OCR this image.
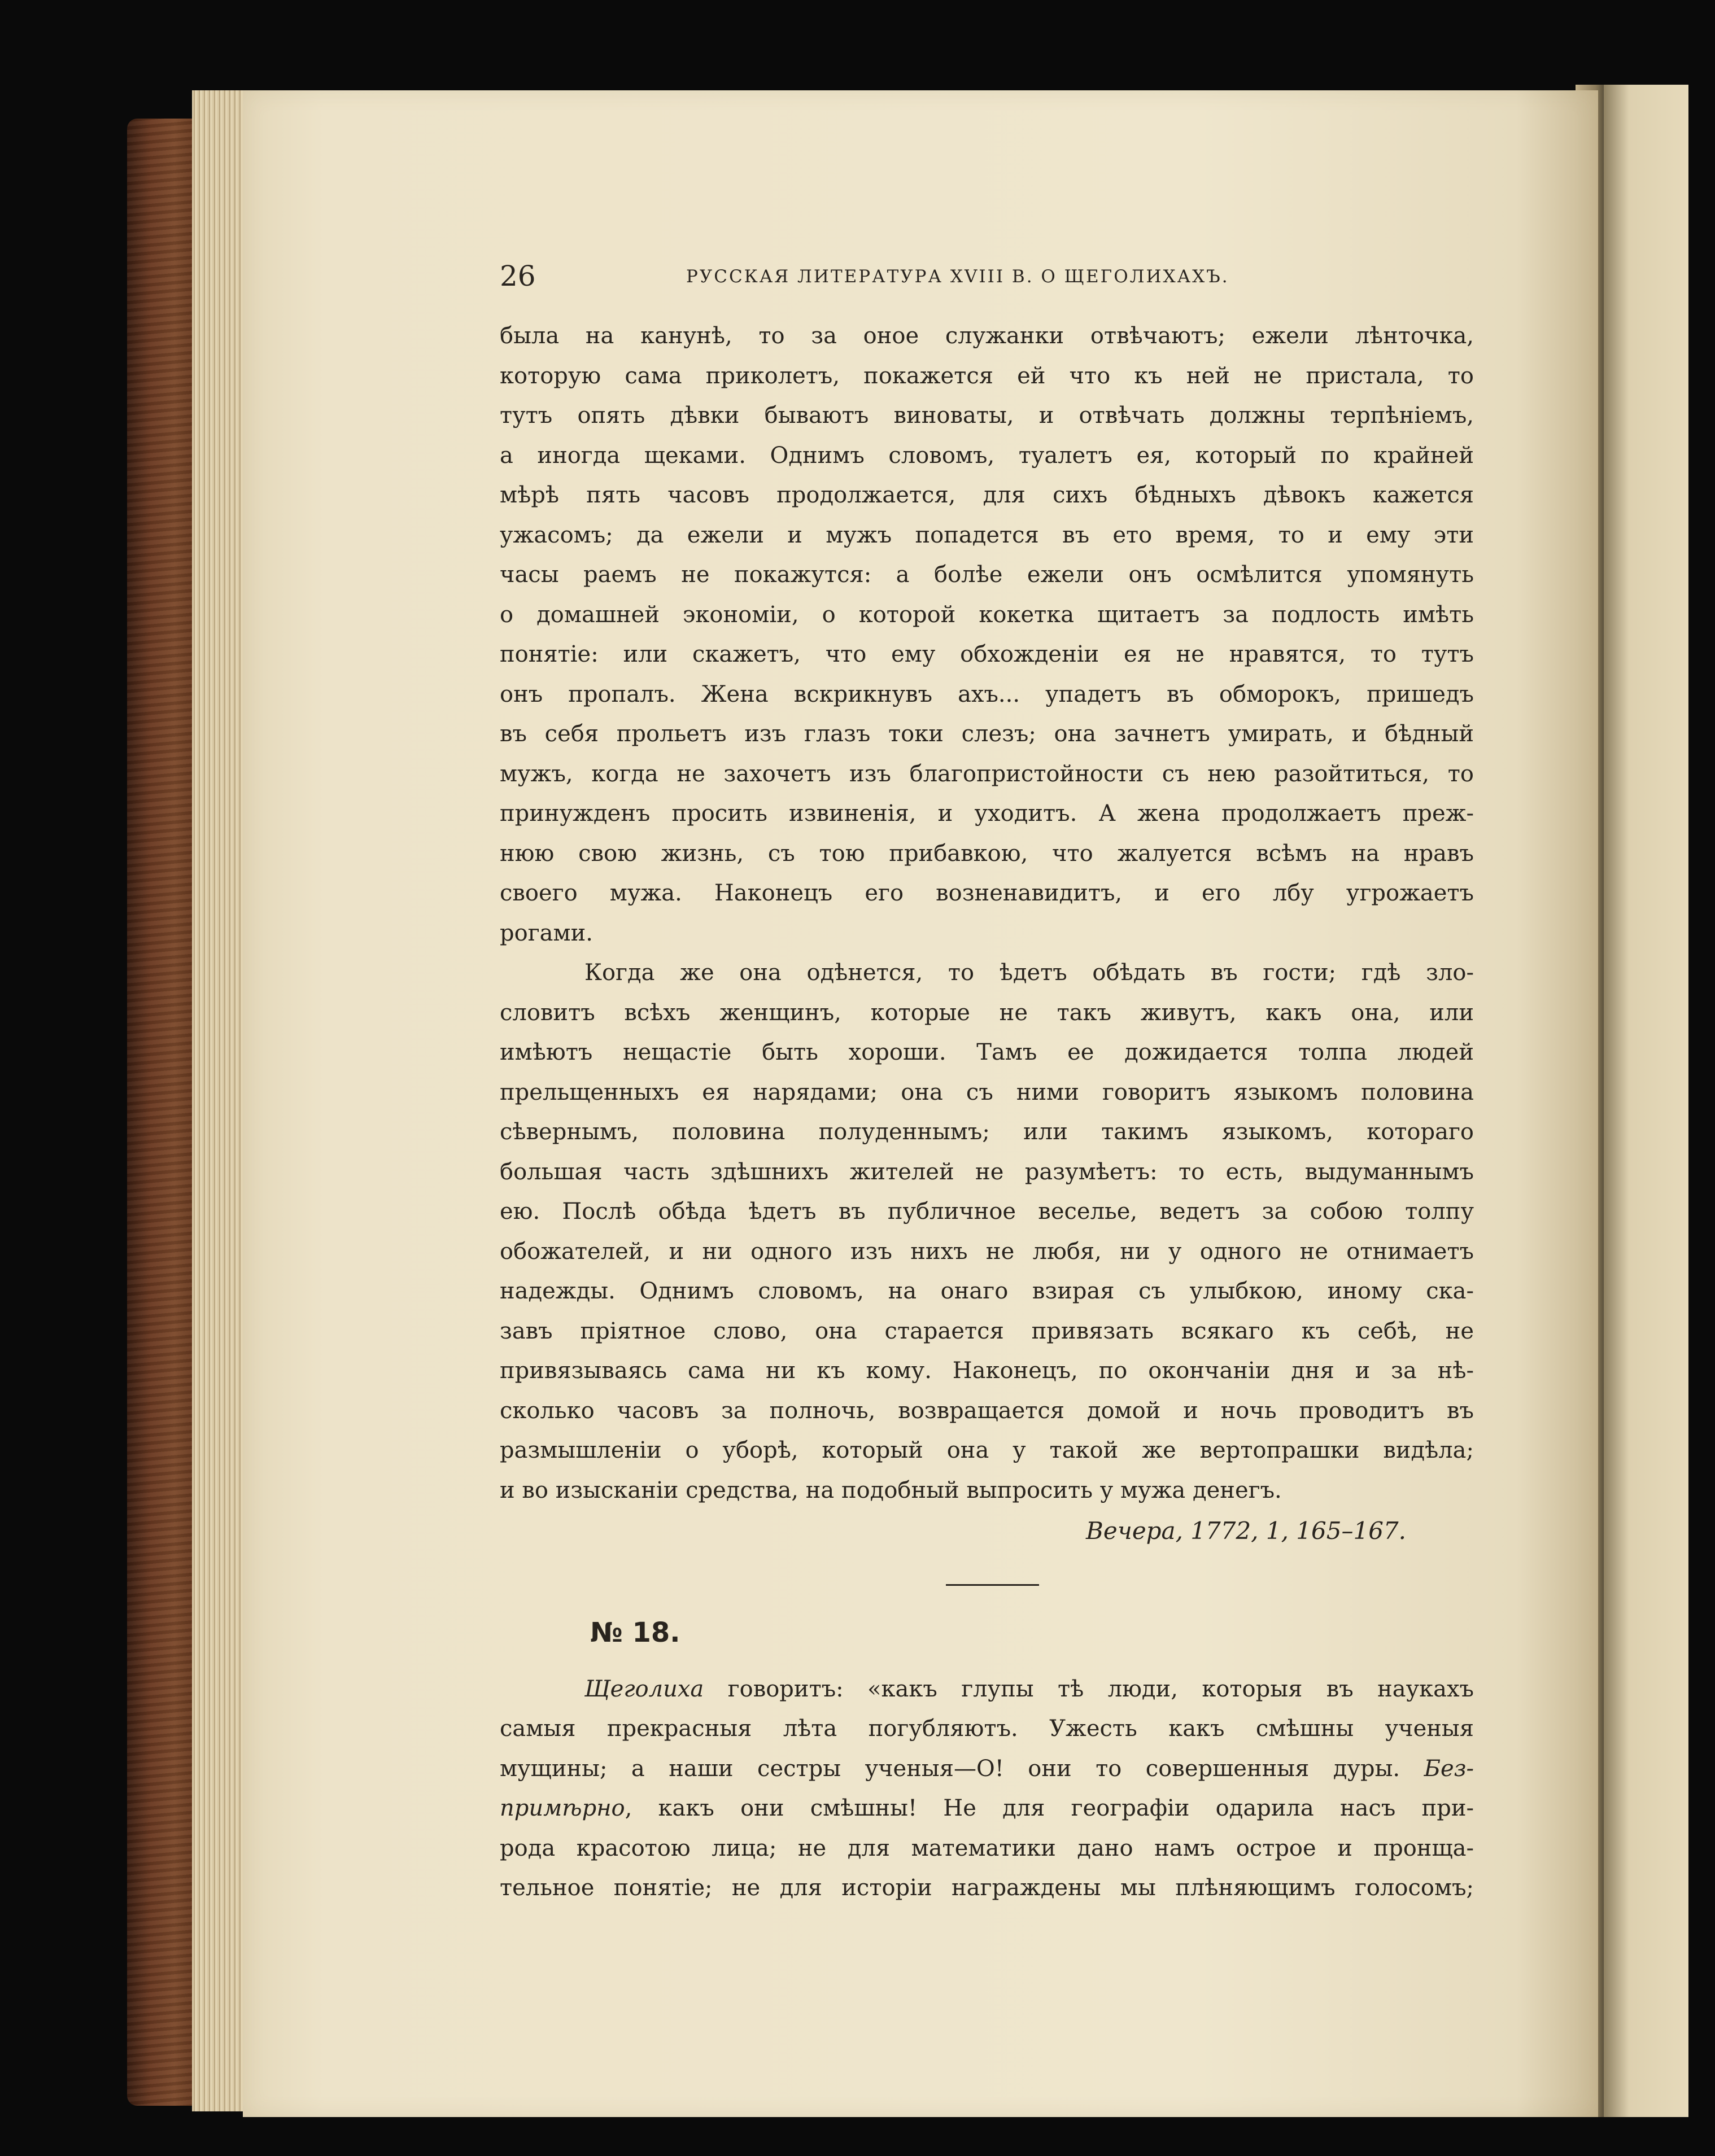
26	РУССКАЯ ЛИТЕРАТУРА XVIII В. О ЩЕГОЛИХАХЪ.

была на канунѣ, то за оное служанки отвѣчаютъ; ежели лѣнточка,

которую сама приколетъ, покажется ей что къ ней не пристала, то

тутъ опять дѣвки бываютъ виноваты, и отвѣчать должны терпѣніемъ,

а иногда щеками. Однимъ словомъ, туалетъ ея, который по крайней

мѣрѣ пять часовъ продолжается, для сихъ бѣдныхъ дѣвокъ кажется

ужасомъ; да ежели и мужъ попадется въ ето время, то и ему эти

часы раемъ не покажутся: а болѣе ежели онъ осмѣлится упомянуть

о домашней экономіи, о которой кокетка щитаетъ за подлость имѣть

понятіе: или скажетъ, что ему обхожденіи ея не нравятся, то тутъ

онъ пропалъ. Жена вскрикнувъ ахъ... упадетъ въ обморокъ, пришедъ

въ себя прольетъ изъ глазъ токи слезъ; она зачнетъ умирать, и бѣдный

мужъ, когда не захочетъ изъ благопристойности съ нею разойтиться, то

принужденъ просить извиненія, и уходитъ. А жена продолжаетъ преж-

нюю свою жизнь, съ тою прибавкою, что жалуется всѣмъ на нравъ

своего мужа. Наконецъ его возненавидитъ, и его лбу угрожаетъ

рогами.

Когда же она одѣнется, то ѣдетъ обѣдать въ гости; гдѣ зло-

словитъ всѣхъ женщинъ, которые не такъ живутъ, какъ она, или

имѣютъ нещастіе быть хороши. Тамъ ее дожидается толпа людей

прельщенныхъ ея нарядами; она съ ними говоритъ языкомъ половина

сѣвернымъ, половина полуденнымъ; или такимъ языкомъ, котораго

большая часть здѣшнихъ жителей не разумѣетъ: то есть, выдуманнымъ

ею. Послѣ обѣда ѣдетъ въ публичное веселье, ведетъ за собою толпу

обожателей, и ни одного изъ нихъ не любя, ни у одного не отнимаетъ

надежды. Однимъ словомъ, на онаго взирая съ улыбкою, иному ска-

завъ пріятное слово, она старается привязать всякаго къ себѣ, не

привязываясь сама ни къ кому. Наконецъ, по окончаніи дня и за нѣ-

сколько часовъ за полночь, возвращается домой и ночь проводитъ въ

размышленіи о уборѣ, который она у такой же вертопрашки видѣла;

и во изысканіи средства, на подобный выпросить у мужа денегъ.

Вечера, 1772, 1, 165–167.
№ 18.

Щеголиха говоритъ: «какъ глупы тѣ люди, которыя въ наукахъ

самыя прекрасныя лѣта погубляютъ. Ужесть какъ смѣшны ученыя

мущины; а наши сестры ученыя—О! они то совершенныя дуры. Без-

примѣрно, какъ они смѣшны! Не для географіи одарила насъ при-

рода красотою лица; не для математики дано намъ острое и пронща-

тельное понятіе; не для исторіи награждены мы плѣняющимъ голосомъ;
